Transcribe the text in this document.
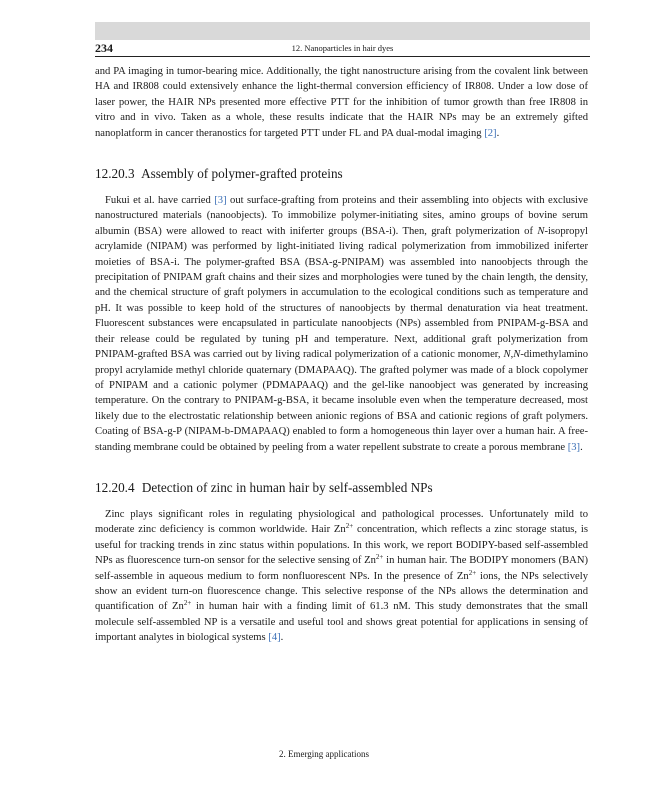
234	12. Nanoparticles in hair dyes

and PA imaging in tumor-bearing mice. Additionally, the tight nanostructure arising from the covalent link between HA and IR808 could extensively enhance the light-thermal conversion efficiency of IR808. Under a low dose of laser power, the HAIR NPs presented more effective PTT for the inhibition of tumor growth than free IR808 in vitro and in vivo. Taken as a whole, these results indicate that the HAIR NPs may be an extremely gifted nanoplatform in cancer theranostics for targeted PTT under FL and PA dual-modal imaging [2].

12.20.3 Assembly of polymer-grafted proteins

Fukui et al. have carried [3] out surface-grafting from proteins and their assembling into objects with exclusive nanostructured materials (nanoobjects). To immobilize polymer-initiating sites, amino groups of bovine serum albumin (BSA) were allowed to react with iniferter groups (BSA-i). Then, graft polymerization of N-isopropyl acrylamide (NIPAM) was performed by light-initiated living radical polymerization from immobilized iniferter moieties of BSA-i. The polymer-grafted BSA (BSA-g-PNIPAM) was assembled into nanoobjects through the precipitation of PNIPAM graft chains and their sizes and morphologies were tuned by the chain length, the density, and the chemical structure of graft polymers in accumulation to the ecological conditions such as temperature and pH. It was possible to keep hold of the structures of nanoobjects by thermal denaturation via heat treatment. Fluorescent substances were encapsulated in particulate nanoobjects (NPs) assembled from PNIPAM-g-BSA and their release could be regulated by tuning pH and temperature. Next, additional graft polymerization from PNIPAM-grafted BSA was carried out by living radical polymerization of a cationic monomer, N,N-dimethylamino propyl acrylamide methyl chloride quaternary (DMAPAAQ). The grafted polymer was made of a block copolymer of PNIPAM and a cationic polymer (PDMAPAAQ) and the gel-like nanoobject was generated by increasing temperature. On the contrary to PNIPAM-g-BSA, it became insoluble even when the temperature decreased, most likely due to the electrostatic relationship between anionic regions of BSA and cationic regions of graft polymers. Coating of BSA-g-P (NIPAM-b-DMAPAAQ) enabled to form a homogeneous thin layer over a human hair. A free-standing membrane could be obtained by peeling from a water repellent substrate to create a porous membrane [3].

12.20.4 Detection of zinc in human hair by self-assembled NPs

Zinc plays significant roles in regulating physiological and pathological processes. Unfortunately mild to moderate zinc deficiency is common worldwide. Hair $Zn^{2+}$ concentration, which reflects a zinc storage status, is useful for tracking trends in zinc status within populations. In this work, we report BODIPY-based self-assembled NPs as fluorescence turn-on sensor for the selective sensing of $Zn^{2+}$ in human hair. The BODIPY monomers (BAN) self-assemble in aqueous medium to form nonfluorescent NPs. In the presence of $Zn^{2+}$ ions, the NPs selectively show an evident turn-on fluorescence change. This selective response of the NPs allows the determination and quantification of $Zn^{2+}$ in human hair with a finding limit of 61.3 nM. This study demonstrates that the small molecule self-assembled NP is a versatile and useful tool and shows great potential for applications in sensing of important analytes in biological systems [4].

2. Emerging applications
